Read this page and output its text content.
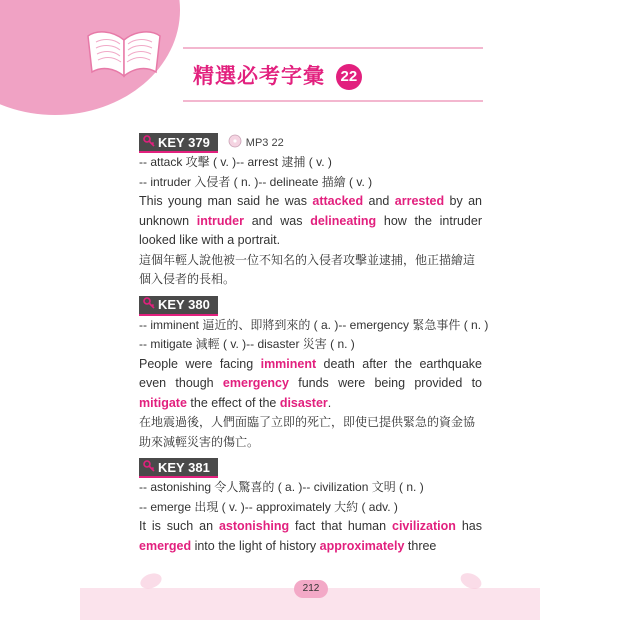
精選必考字彙 22
KEY 379	MP3 22
-- attack 攻擊 ( v. )-- arrest 逮捕 ( v. )
-- intruder 入侵者 ( n. )-- delineate 描繪 ( v. )
This young man said he was attacked and arrested by an unknown intruder and was delineating how the intruder looked like with a portrait.
這個年輕人說他被一位不知名的入侵者攻擊並逮捕，他正描繪這個入侵者的長相。
KEY 380
-- imminent 逼近的、即將到來的 ( a. )-- emergency 緊急事件 ( n. )
-- mitigate 減輕 ( v. )-- disaster 災害 ( n. )
People were facing imminent death after the earthquake even though emergency funds were being provided to mitigate the effect of the disaster.
在地震過後，人們面臨了立即的死亡，即使已提供緊急的資金協助來減輕災害的傷亡。
KEY 381
-- astonishing 令人驚喜的 ( a. )-- civilization 文明 ( n. )
-- emerge 出現 ( v. )-- approximately 大約 ( adv. )
It is such an astonishing fact that human civilization has emerged into the light of history approximately three
212
